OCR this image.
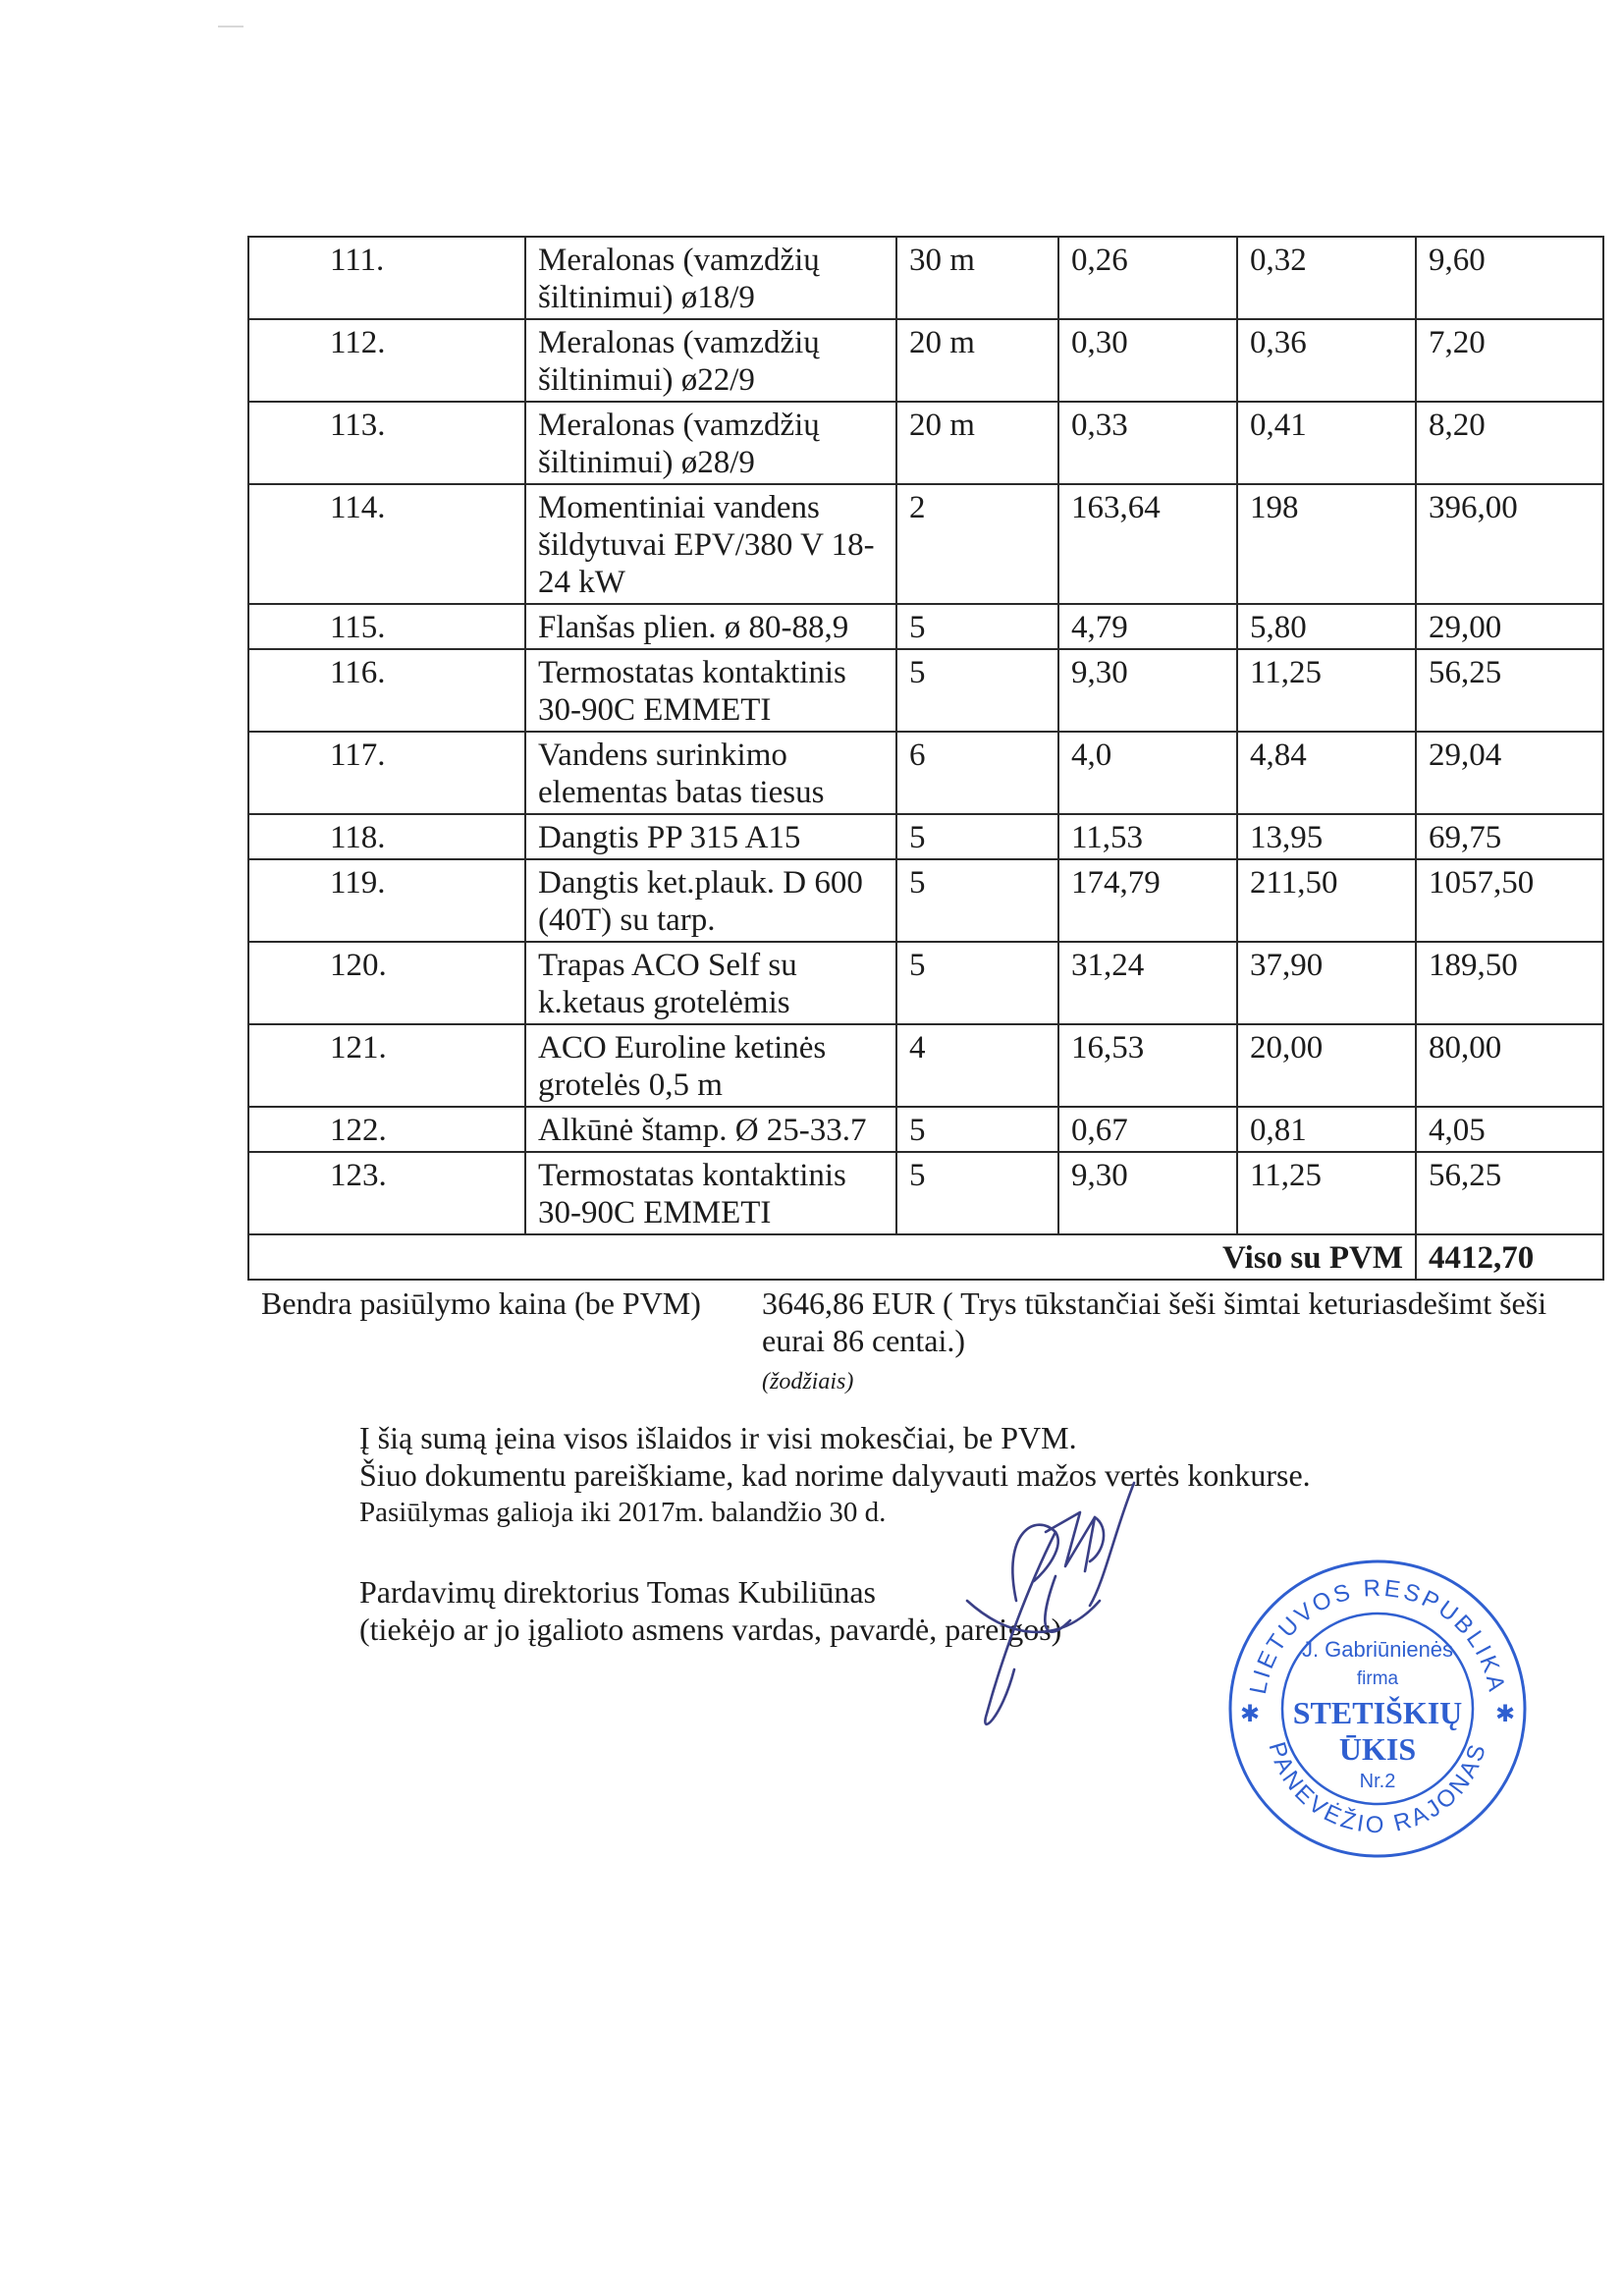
111.	Meralonas (vamzdžių šiltinimui) ø18/9	30 m	0,26	0,32	9,60
112.	Meralonas (vamzdžių šiltinimui) ø22/9	20 m	0,30	0,36	7,20
113.	Meralonas (vamzdžių šiltinimui) ø28/9	20 m	0,33	0,41	8,20
114.	Momentiniai vandens šildytuvai EPV/380 V 18-24 kW	2	163,64	198	396,00
115.	Flanšas plien. ø 80-88,9	5	4,79	5,80	29,00
116.	Termostatas kontaktinis 30-90C EMMETI	5	9,30	11,25	56,25
117.	Vandens surinkimo elementas batas tiesus	6	4,0	4,84	29,04
118.	Dangtis PP 315 A15	5	11,53	13,95	69,75
119.	Dangtis ket.plauk. D 600 (40T) su tarp.	5	174,79	211,50	1057,50
120.	Trapas ACO Self su k.ketaus grotelėmis	5	31,24	37,90	189,50
121.	ACO Euroline ketinės grotelės 0,5 m	4	16,53	20,00	80,00
122.	Alkūnė štamp. Ø 25-33.7	5	0,67	0,81	4,05
123.	Termostatas kontaktinis 30-90C EMMETI	5	9,30	11,25	56,25
Viso su PVM					4412,70
Bendra pasiūlymo kaina (be PVM) 3646,86 EUR ( Trys tūkstančiai šeši šimtai keturiasdešimt šeši eurai 86 centai.)
(žodžiais)
Į šią sumą įeina visos išlaidos ir visi mokesčiai, be PVM.
Šiuo dokumentu pareiškiame, kad norime dalyvauti mažos vertės konkurse.
Pasiūlymas galioja iki 2017m. balandžio 30 d.
Pardavimų direktorius Tomas Kubiliūnas
(tiekėjo ar jo įgalioto asmens vardas, pavardė, pareigos)
LIETUVOS RESPUBLIKA
PANEVĖŽIO RAJONAS
✱	✱
J. Gabriūnienės
firma
STETIŠKIŲ
ŪKIS
Nr.2
